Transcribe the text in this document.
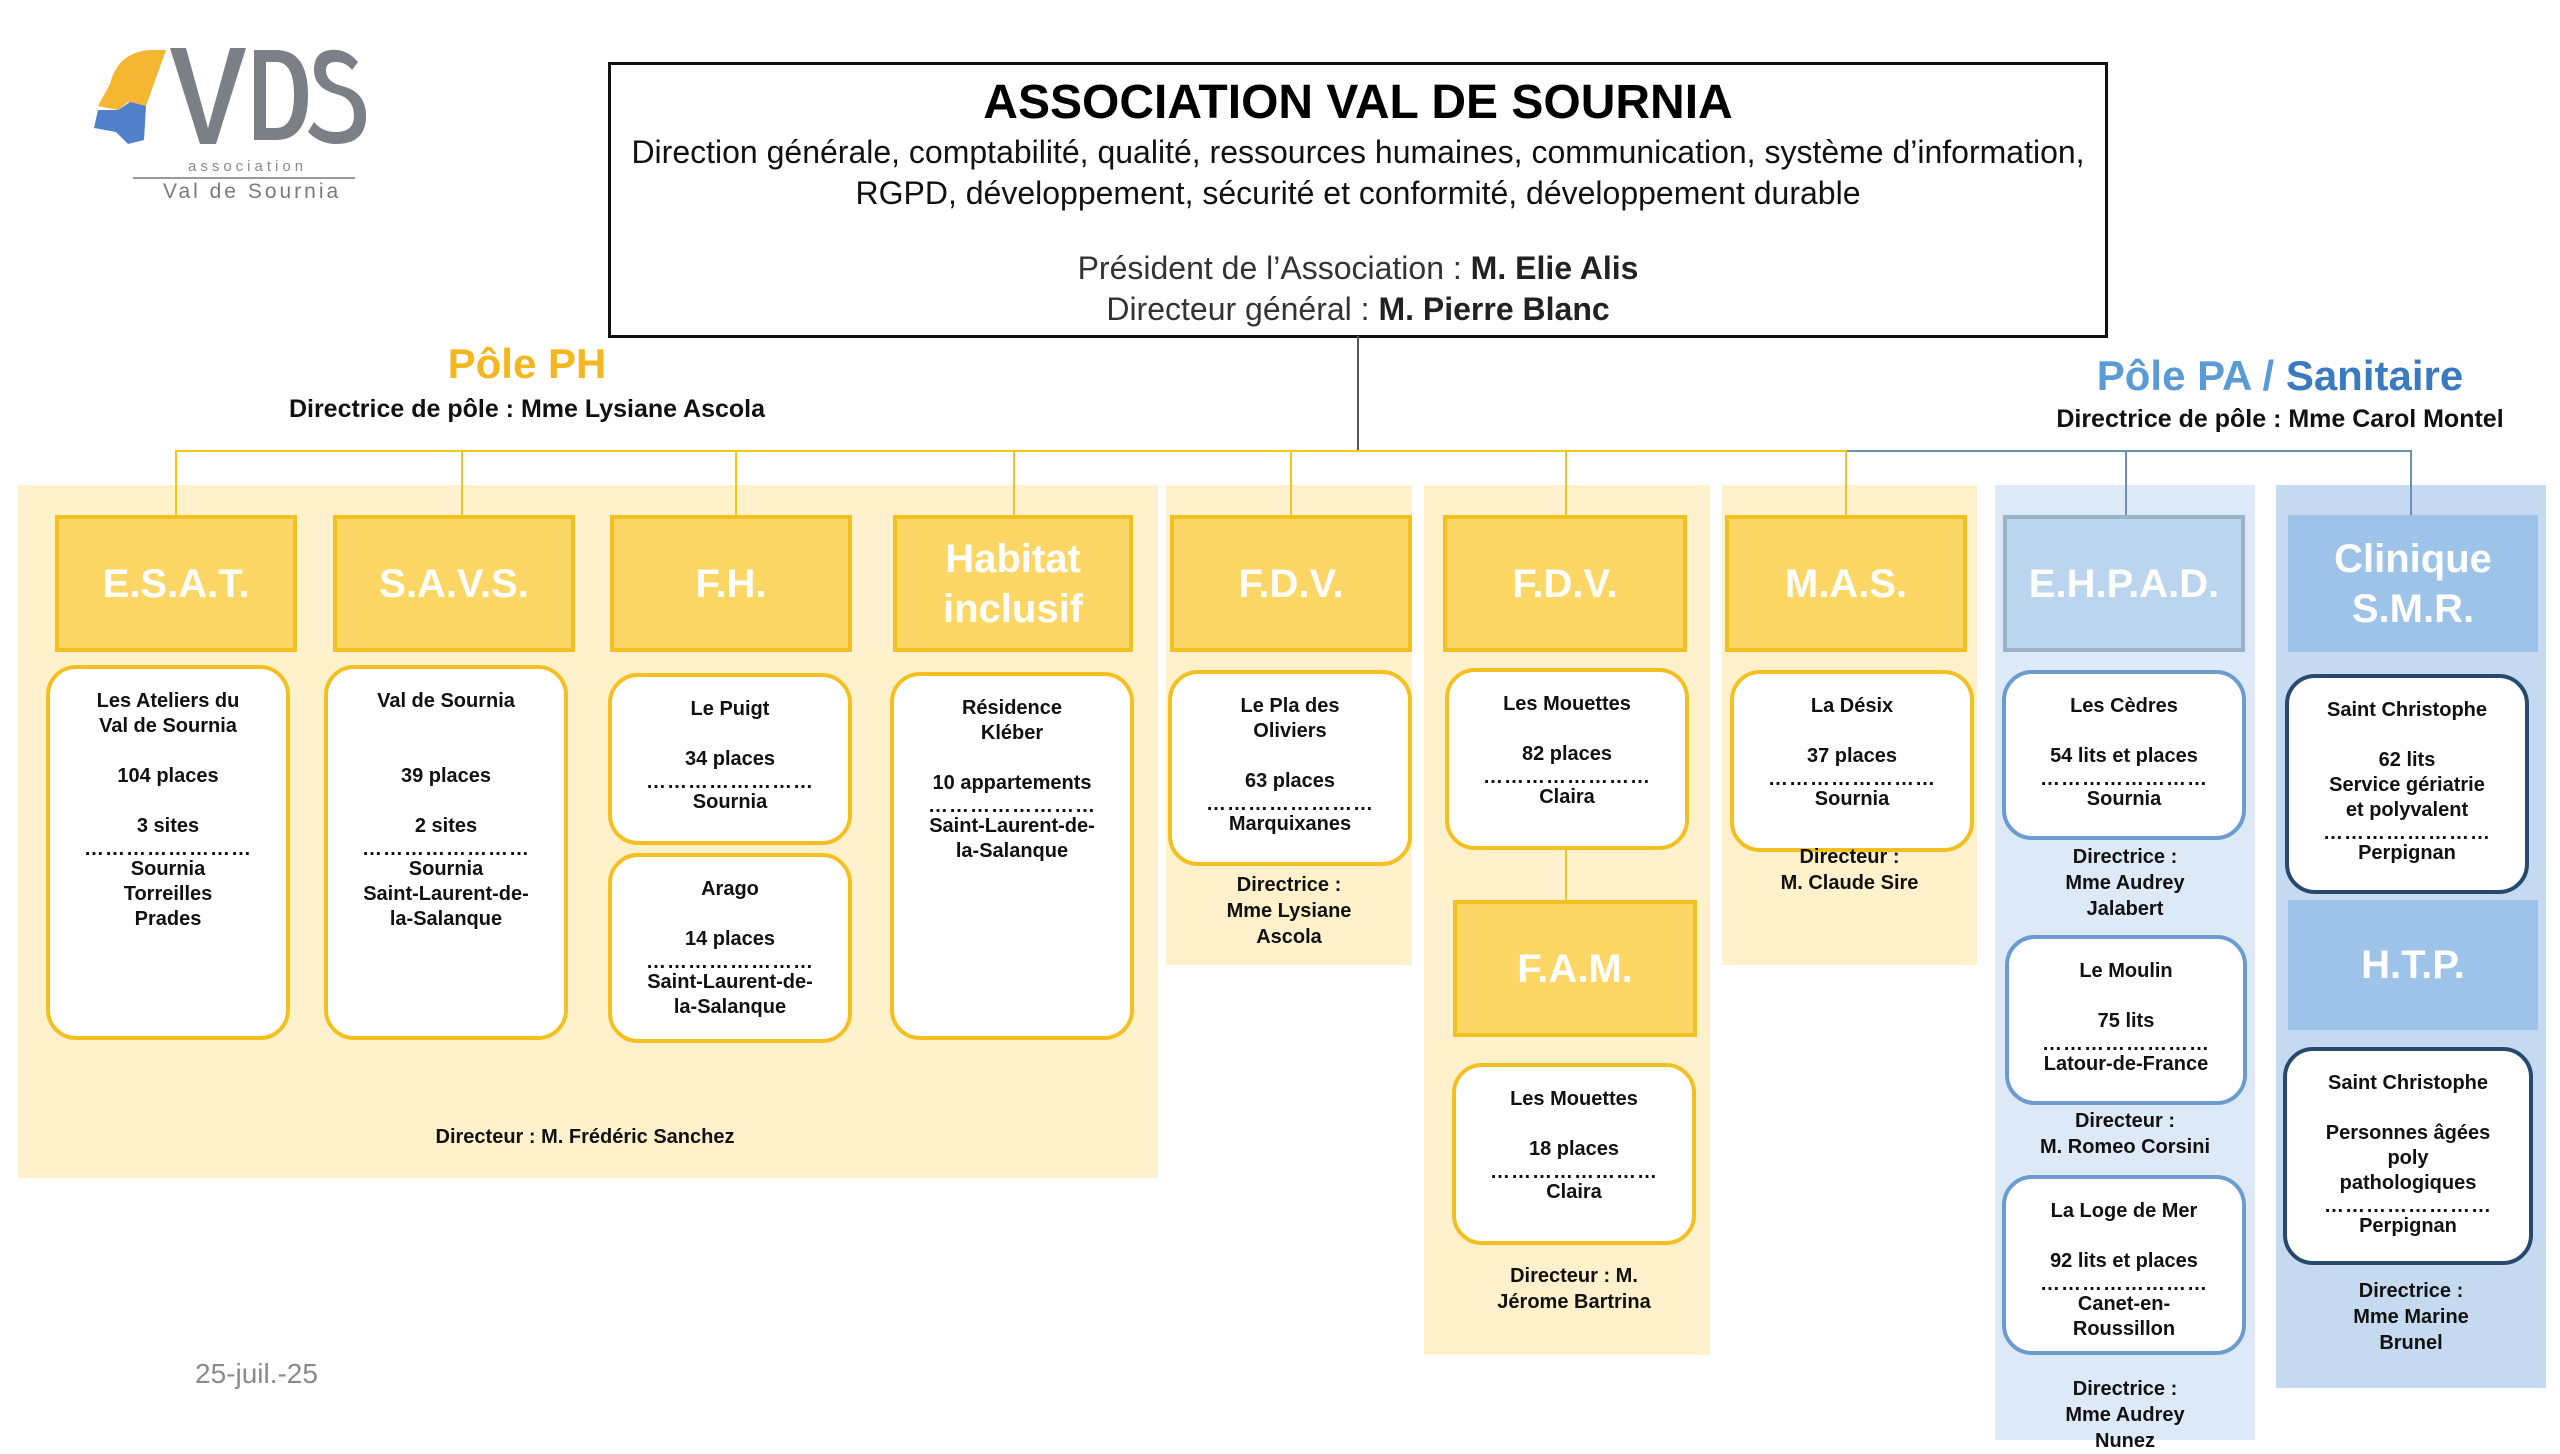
association
Val de Sournia
ASSOCIATION VAL DE SOURNIA
Direction générale, comptabilité, qualité, ressources humaines, communication, système d’information,
RGPD, développement, sécurité et conformité, développement durable
Président de l’Association : M. Elie Alis
Directeur général : M. Pierre Blanc
Pôle PH
Directrice de pôle : Mme Lysiane Ascola
Pôle PA / Sanitaire
Directrice de pôle : Mme Carol Montel
E.S.A.T.	S.A.V.S.	F.H.
Habitat
inclusif
F.D.V.	F.D.V.	M.A.S.	E.H.P.A.D.
Clinique
S.M.R.
F.A.M.	H.T.P.
Les Ateliers du
Val de Sournia
104 places
3 sites
……………………
Sournia
Torreilles
Prades
Val de Sournia
39 places
2 sites
……………………
Sournia
Saint-Laurent-de-
la-Salanque
Le Puigt
34 places
……………………
Sournia
Arago
14 places
……………………
Saint-Laurent-de-
la-Salanque
Résidence
Kléber
10 appartements
……………………
Saint-Laurent-de-
la-Salanque
Directeur : M. Frédéric Sanchez
Le Pla des
Oliviers
63 places
……………………
Marquixanes
Directrice :
Mme Lysiane
Ascola
Les Mouettes
82 places
……………………
Claira
Les Mouettes
18 places
……………………
Claira
Directeur : M.
Jérome Bartrina
La Désix
37 places
……………………
Sournia
Directeur :
M. Claude Sire
Les Cèdres
54 lits et places
……………………
Sournia
Directrice :
Mme Audrey
Jalabert
Le Moulin
75 lits
……………………
Latour-de-France
Directeur :
M. Romeo Corsini
La Loge de Mer
92 lits et places
……………………
Canet-en-
Roussillon
Directrice :
Mme Audrey
Nunez
Saint Christophe
62 lits
Service gériatrie
et polyvalent
……………………
Perpignan
Saint Christophe
Personnes âgées
poly
pathologiques
……………………
Perpignan
Directrice :
Mme Marine
Brunel
25-juil.-25
